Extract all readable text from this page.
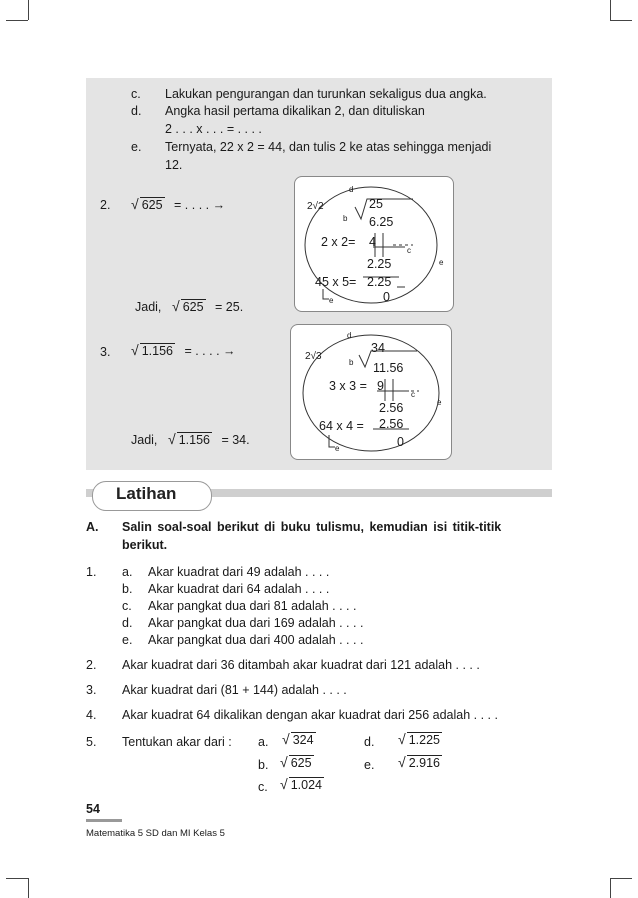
c. Lakukan pengurangan dan turunkan sekaligus dua angka.
d. Angka hasil pertama dikalikan 2, dan dituliskan
2 . . . x . . . = . . . .
e. Ternyata, 22 x 2 = 44, dan tulis 2 ke atas sehingga menjadi
12.
2. √ 625 = . . . . →
Jadi, √ 625 = 25.
2√2
d
b
c
e
e
25
6.25
2 x 2= 4
2.25
45 x 5= 2.25
0
3. √ 1.156 = . . . . →
Jadi, √ 1.156 = 34.
2√3
d
b
c
e
e
34
11.56
3 x 3 = 9
2.56
64 x 4 = 2.56
0
Latihan
A. Salin soal-soal berikut di buku tulismu, kemudian isi titik-titik
berikut.
1. a. Akar kuadrat dari 49 adalah . . . .
b. Akar kuadrat dari 64 adalah . . . .
c. Akar pangkat dua dari 81 adalah . . . .
d. Akar pangkat dua dari 169 adalah . . . .
e. Akar pangkat dua dari 400 adalah . . . .
2. Akar kuadrat dari 36 ditambah akar kuadrat dari 121 adalah . . . .
3. Akar kuadrat dari (81 + 144) adalah . . . .
4. Akar kuadrat 64 dikalikan dengan akar kuadrat dari 256 adalah . . . .
5. Tentukan akar dari : a. √ 324
b. √ 625
c. √ 1.024
d. √ 1.225
e. √ 2.916
54
Matematika 5 SD dan MI Kelas 5
